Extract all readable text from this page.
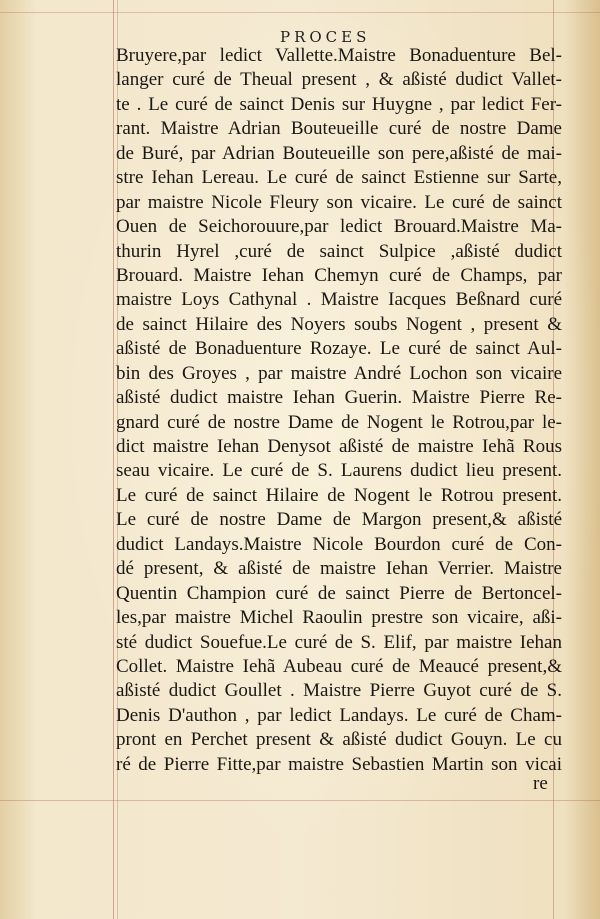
PROCES
Bruyere,par ledict Vallette.Maistre Bonaduenture Bel-
langer curé de Theual present , & aßisté dudict Vallet-
te . Le curé de sainct Denis sur Huygne , par ledict Fer-
rant. Maistre Adrian Bouteueille curé de nostre Dame
de Buré, par Adrian Bouteueille son pere,aßisté de mai-
stre Iehan Lereau. Le curé de sainct Estienne sur Sarte,
par maistre Nicole Fleury son vicaire. Le curé de sainct
Ouen de Seichorouure,par ledict Brouard.Maistre Ma-
thurin Hyrel ,curé de sainct Sulpice ,aßisté dudict
Brouard. Maistre Iehan Chemyn curé de Champs, par
maistre Loys Cathynal . Maistre Iacques Beßnard curé
de sainct Hilaire des Noyers soubs Nogent , present &
aßisté de Bonaduenture Rozaye. Le curé de sainct Aul-
bin des Groyes , par maistre André Lochon son vicaire
aßisté dudict maistre Iehan Guerin. Maistre Pierre Re-
gnard curé de nostre Dame de Nogent le Rotrou,par le-
dict maistre Iehan Denysot aßisté de maistre Iehã Rous
seau vicaire. Le curé de S. Laurens dudict lieu present.
Le curé de sainct Hilaire de Nogent le Rotrou present.
Le curé de nostre Dame de Margon present,& aßisté
dudict Landays.Maistre Nicole Bourdon curé de Con-
dé present, & aßisté de maistre Iehan Verrier. Maistre
Quentin Champion curé de sainct Pierre de Bertoncel-
les,par maistre Michel Raoulin prestre son vicaire, aßi-
sté dudict Souefue.Le curé de S. Elif, par maistre Iehan
Collet. Maistre Iehã Aubeau curé de Meaucé present,&
aßisté dudict Goullet . Maistre Pierre Guyot curé de S.
Denis D'authon , par ledict Landays. Le curé de Cham-
pront en Perchet present & aßisté dudict Gouyn. Le cu
ré de Pierre Fitte,par maistre Sebastien Martin son vicai
re
